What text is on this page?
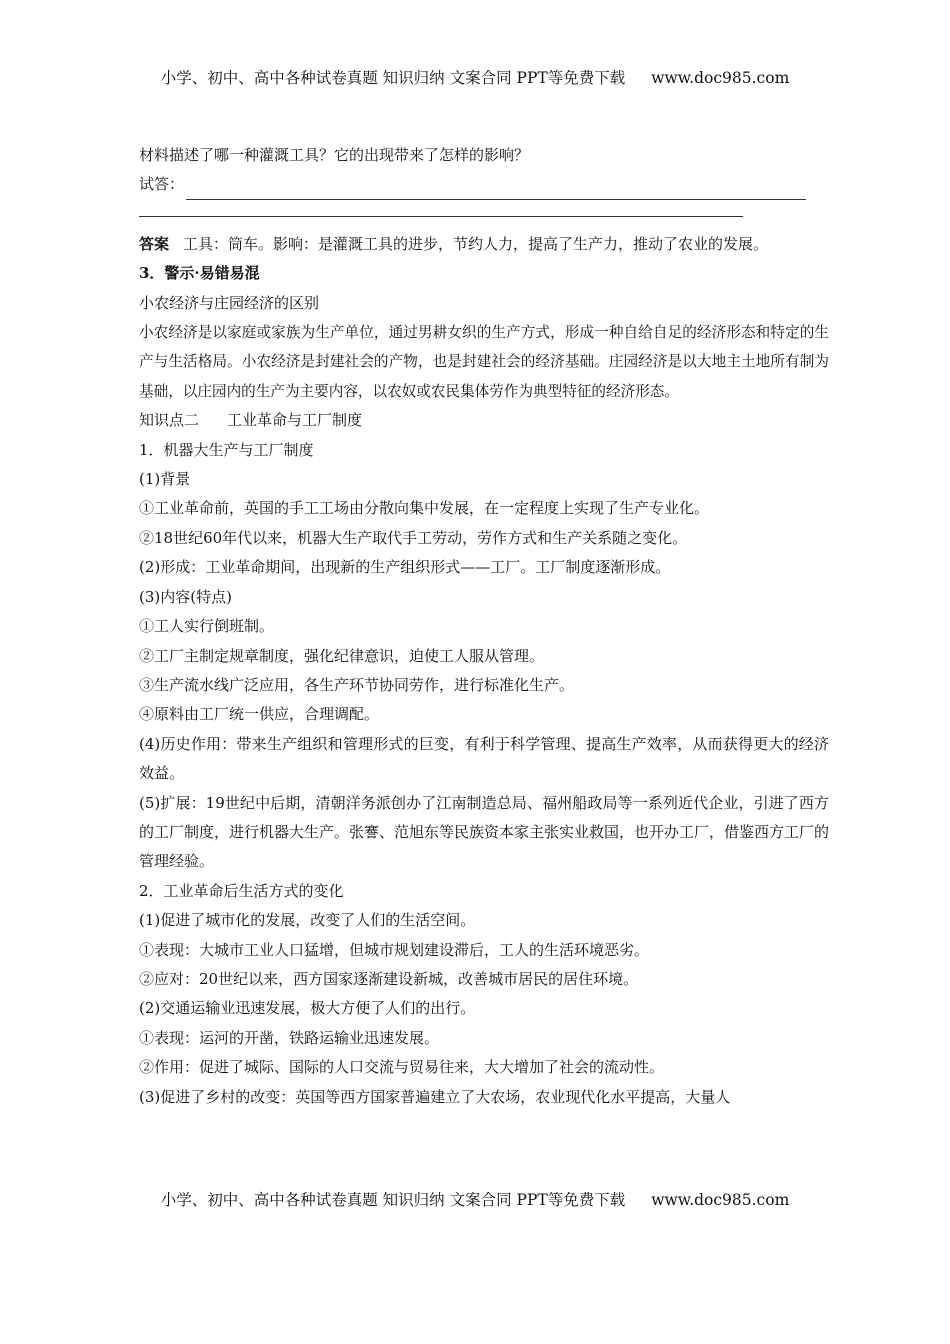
小学、初中、高中各种试卷真题 知识归纳 文案合同 PPT等免费下载 www.doc985.com
材料描述了哪一种灌溉工具？它的出现带来了怎样的影响？
试答：
答案 工具：筒车。影响：是灌溉工具的进步，节约人力，提高了生产力，推动了农业的发展。
3．警示·易错易混
小农经济与庄园经济的区别
小农经济是以家庭或家族为生产单位，通过男耕女织的生产方式，形成一种自给自足的经济形态和特定的生产与生活格局。小农经济是封建社会的产物，也是封建社会的经济基础。庄园经济是以大地主土地所有制为基础，以庄园内的生产为主要内容，以农奴或农民集体劳作为典型特征的经济形态。
知识点二 工业革命与工厂制度
1．机器大生产与工厂制度
(1)背景
①工业革命前，英国的手工工场由分散向集中发展，在一定程度上实现了生产专业化。
②18世纪60年代以来，机器大生产取代手工劳动，劳作方式和生产关系随之变化。
(2)形成：工业革命期间，出现新的生产组织形式——工厂。工厂制度逐渐形成。
(3)内容(特点)
①工人实行倒班制。
②工厂主制定规章制度，强化纪律意识，迫使工人服从管理。
③生产流水线广泛应用，各生产环节协同劳作，进行标准化生产。
④原料由工厂统一供应，合理调配。
(4)历史作用：带来生产组织和管理形式的巨变，有利于科学管理、提高生产效率，从而获得更大的经济效益。
(5)扩展：19世纪中后期，清朝洋务派创办了江南制造总局、福州船政局等一系列近代企业，引进了西方的工厂制度，进行机器大生产。张謇、范旭东等民族资本家主张实业救国，也开办工厂，借鉴西方工厂的管理经验。
2．工业革命后生活方式的变化
(1)促进了城市化的发展，改变了人们的生活空间。
①表现：大城市工业人口猛增，但城市规划建设滞后，工人的生活环境恶劣。
②应对：20世纪以来，西方国家逐渐建设新城，改善城市居民的居住环境。
(2)交通运输业迅速发展，极大方便了人们的出行。
①表现：运河的开凿，铁路运输业迅速发展。
②作用：促进了城际、国际的人口交流与贸易往来，大大增加了社会的流动性。
(3)促进了乡村的改变：英国等西方国家普遍建立了大农场，农业现代化水平提高，大量人
小学、初中、高中各种试卷真题 知识归纳 文案合同 PPT等免费下载 www.doc985.com
